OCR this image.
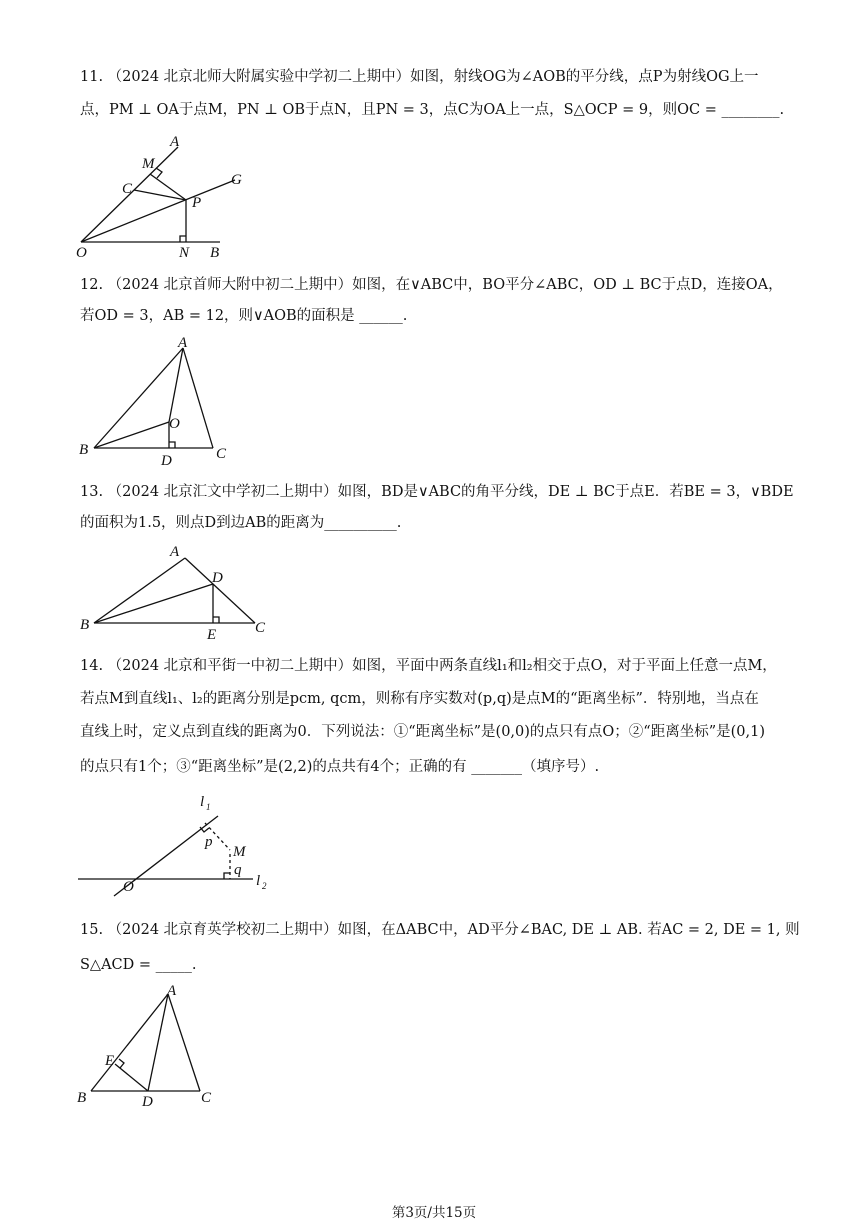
11. （2024 北京北师大附属实验中学初二上期中）如图，射线OG为∠AOB的平分线，点P为射线OG上一
点，PM ⊥ OA于点M，PN ⊥ OB于点N，且PN = 3，点C为OA上一点，S△OCP = 9，则OC = ________.
A
M
C
G
P
O	N B
12. （2024 北京首师大附中初二上期中）如图，在∨ABC中，BO平分∠ABC，OD ⊥ BC于点D，连接OA，
若OD = 3，AB = 12，则∨AOB的面积是 ______.
A
O
B
D	C
13. （2024 北京汇文中学初二上期中）如图，BD是∨ABC的角平分线，DE ⊥ BC于点E．若BE = 3，∨BDE
的面积为1.5，则点D到边AB的距离为__________.
A
D
B
E	C
14. （2024 北京和平街一中初二上期中）如图，平面中两条直线l₁和l₂相交于点O，对于平面上任意一点M，
若点M到直线l₁、l₂的距离分别是pcm, qcm，则称有序实数对(p,q)是点M的“距离坐标”．特别地，当点在
直线上时，定义点到直线的距离为0．下列说法：①“距离坐标”是(0,0)的点只有点O；②“距离坐标”是(0,1)
的点只有1个；③“距离坐标”是(2,2)的点共有4个；正确的有 _______（填序号）.
l 1
p
M
q
O	l 2
15. （2024 北京育英学校初二上期中）如图，在ΔABC中，AD平分∠BAC, DE ⊥ AB. 若AC = 2, DE = 1, 则
S△ACD = _____.
A
E
B	D	C
第3页/共15页
